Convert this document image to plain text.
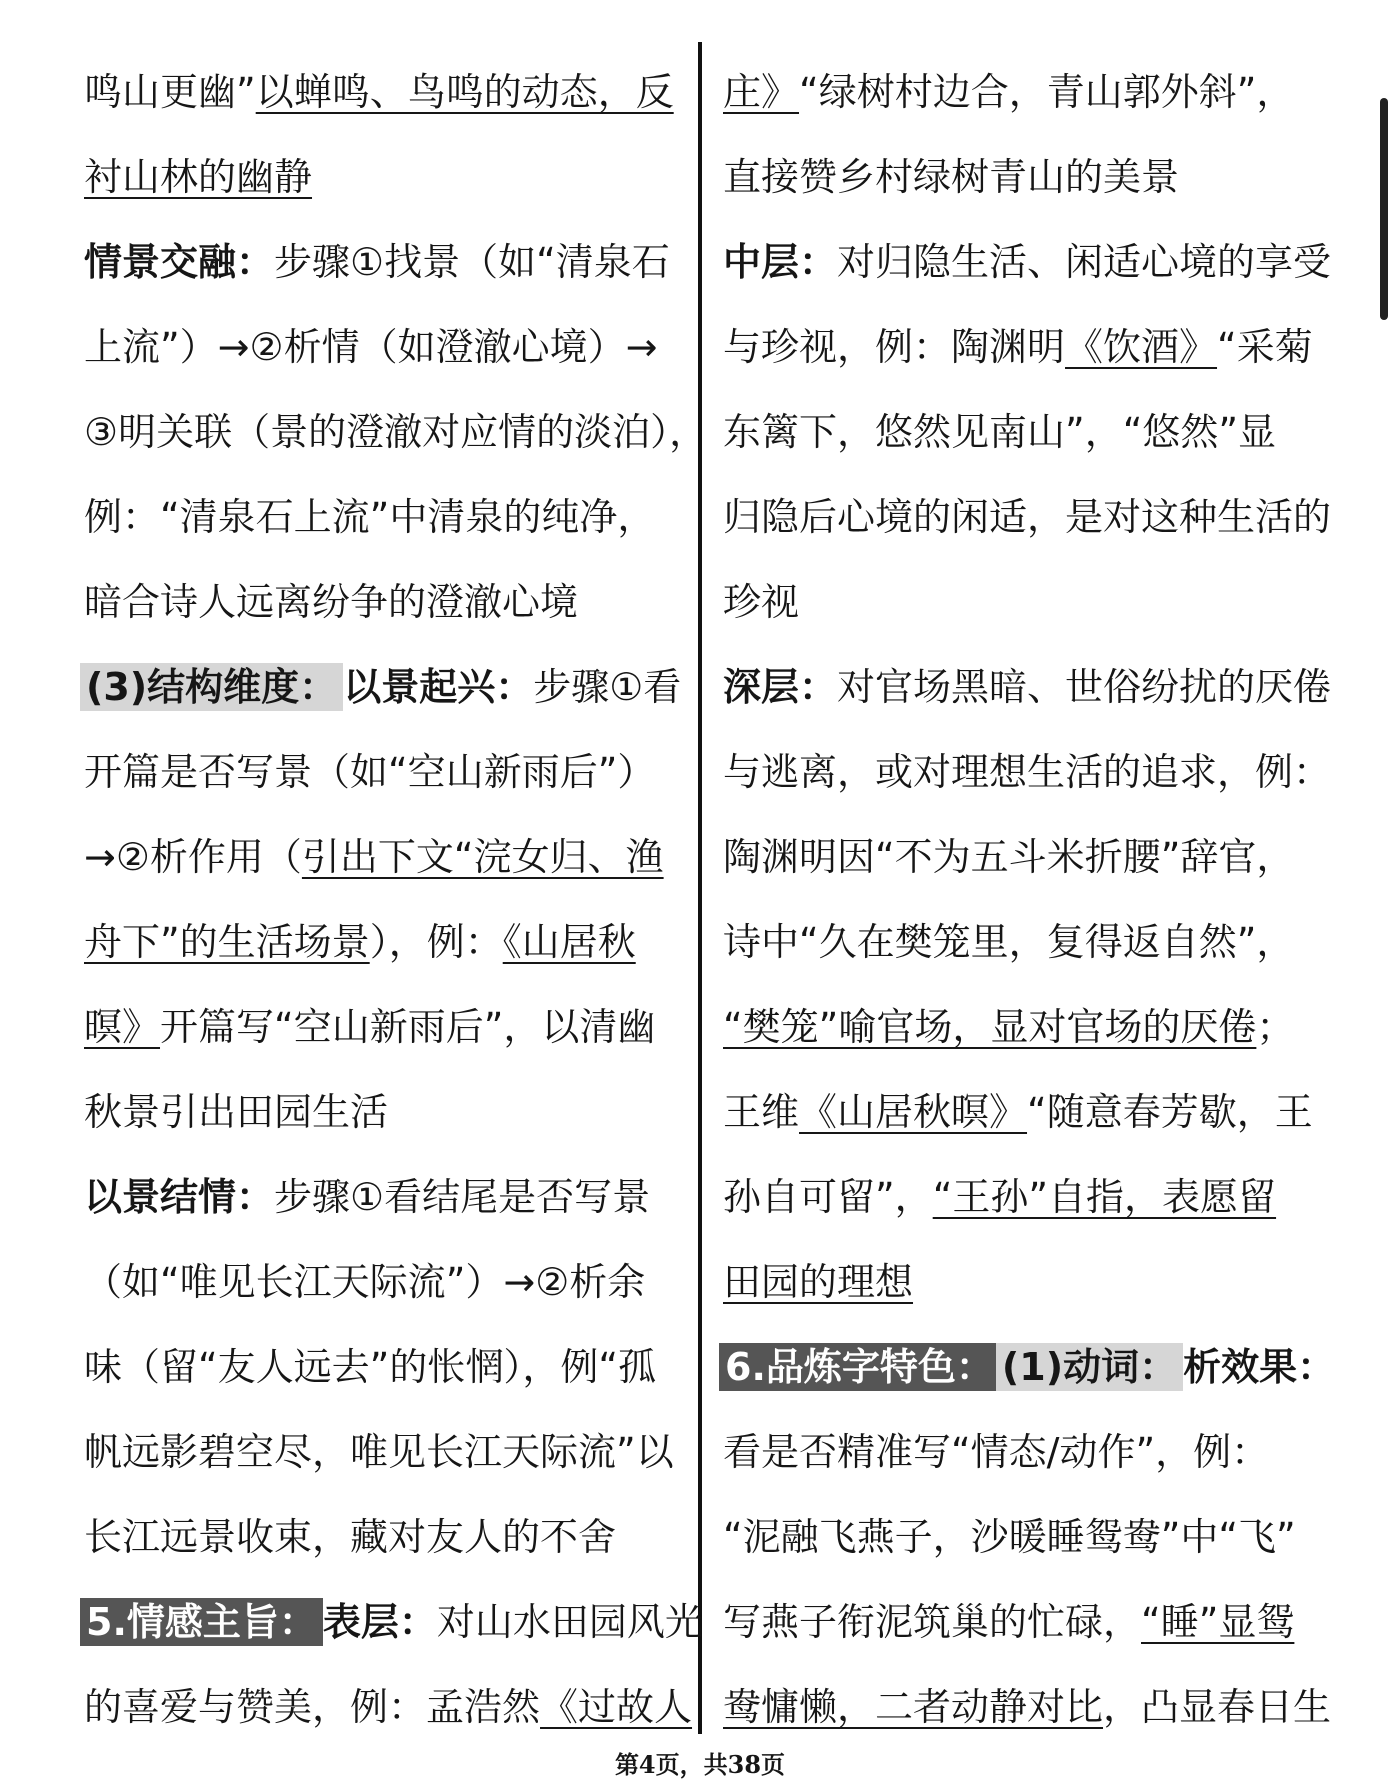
鸣山更幽”以蝉鸣、鸟鸣的动态，反
衬山林的幽静
情景交融：步骤①找景（如“清泉石
上流”）→②析情（如澄澈心境）→
③明关联（景的澄澈对应情的淡泊），
例：“清泉石上流”中清泉的纯净，
暗合诗人远离纷争的澄澈心境
(3)结构维度： 以景起兴：步骤①看
开篇是否写景（如“空山新雨后”）
→②析作用（引出下文“浣女归、渔
舟下”的生活场景），例：《山居秋
暝》开篇写“空山新雨后”，以清幽
秋景引出田园生活
以景结情：步骤①看结尾是否写景
（如“唯见长江天际流”）→②析余
味（留“友人远去”的怅惘），例“孤
帆远影碧空尽，唯见长江天际流”以
长江远景收束，藏对友人的不舍
5.情感主旨： 表层：对山水田园风光
的喜爱与赞美，例：孟浩然《过故人
庄》“绿树村边合，青山郭外斜”，
直接赞乡村绿树青山的美景
中层：对归隐生活、闲适心境的享受
与珍视，例：陶渊明《饮酒》“采菊
东篱下，悠然见南山”，“悠然”显
归隐后心境的闲适，是对这种生活的
珍视
深层：对官场黑暗、世俗纷扰的厌倦
与逃离，或对理想生活的追求，例：
陶渊明因“不为五斗米折腰”辞官，
诗中“久在樊笼里，复得返自然”，
“樊笼”喻官场，显对官场的厌倦；
王维《山居秋暝》“随意春芳歇，王
孙自可留”，“王孙”自指，表愿留
田园的理想
6.品炼字特色： (1)动词： 析效果：
看是否精准写“情态/动作”，例：
“泥融飞燕子，沙暖睡鸳鸯”中“飞”
写燕子衔泥筑巢的忙碌，“睡”显鸳
鸯慵懒，二者动静对比，凸显春日生
第4页，共38页
